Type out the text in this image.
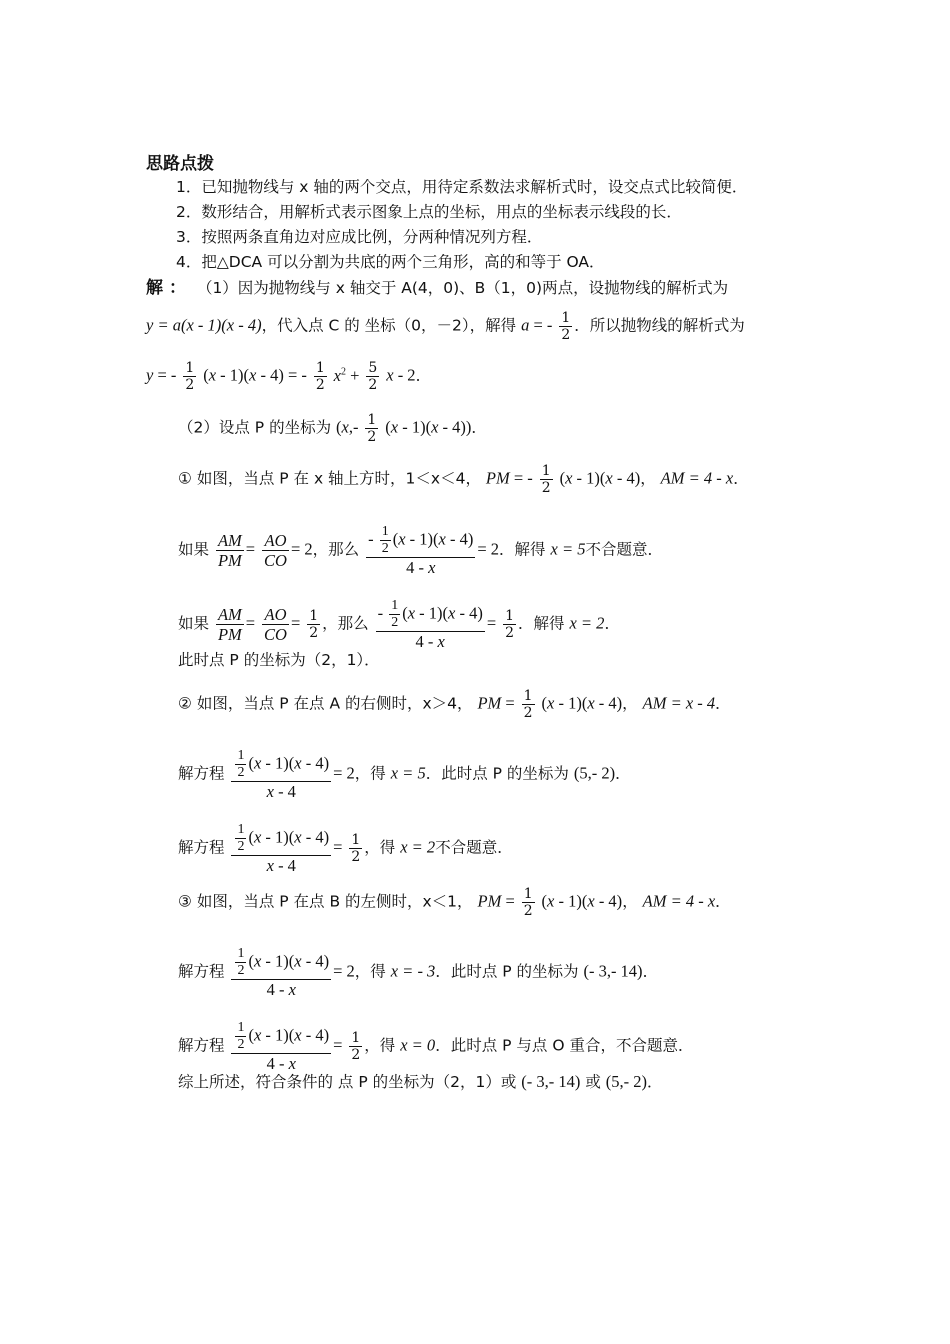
思路点拨
1．已知抛物线与 x 轴的两个交点，用待定系数法求解析式时，设交点式比较简便．
2．数形结合，用解析式表示图象上点的坐标，用点的坐标表示线段的长．
3．按照两条直角边对应成比例，分两种情况列方程．
4．把△DCA 可以分割为共底的两个三角形，高的和等于 OA．
解： （1）因为抛物线与 x 轴交于 A(4，0)、B（1，0)两点，设抛物线的解析式为
y = a(x - 1)(x - 4)，代入点 C 的 坐标（0，－2），解得 a = - $\frac{1}{2}$ ．所以抛物线的解析式为
y = - $\frac{1}{2} (x - 1)(x - 4)$ = - $\frac{1}{2} x^2 + \frac{5}{2}$ x - 2．
（2）设点 P 的坐标为 $(x,- \frac{1}{2} (x - 1)(x - 4))$．
① 如图，当点 P 在 x 轴上方时，1＜x＜4， PM = - $\frac{1}{2} (x - 1)(x - 4)$， AM = 4 - x．
如果 $\frac{AM}{PM} = \frac{AO}{CO} = 2$，那么 $\frac{- \frac{1}{2} (x - 1)(x - 4)}{4 - x} = 2$．解得 x = 5不合题意．
如果 $\frac{AM}{PM} = \frac{AO}{CO} = \frac{1}{2}$ ，那么 $\frac{- \frac{1}{2} (x - 1)(x - 4)}{4 - x} = \frac{1}{2}$ ．解得 x = 2．
此时点 P 的坐标为（2，1）．
② 如图，当点 P 在点 A 的右侧时，x＞4， PM = $\frac{1}{2} (x - 1)(x - 4)$， AM = x - 4．
解方程 $\frac{\frac{1}{2} (x - 1)(x - 4)}{x - 4} = 2$，得 x = 5．此时点 P 的坐标为 (5,- 2)．
解方程 $\frac{\frac{1}{2} (x - 1)(x - 4)}{x - 4} = \frac{1}{2}$ ，得 x = 2不合题意．
③ 如图，当点 P 在点 B 的左侧时，x＜1， PM = $\frac{1}{2} (x - 1)(x - 4)$， AM = 4 - x．
解方程 $\frac{\frac{1}{2} (x - 1)(x - 4)}{4 - x} = 2$，得 x = - 3．此时点 P 的坐标为 (- 3,- 14)．
解方程 $\frac{\frac{1}{2} (x - 1)(x - 4)}{4 - x} = \frac{1}{2}$ ，得 x = 0．此时点 P 与点 O 重合，不合题意．
综上所述，符合条件的 点 P 的坐标为（2，1）或 (- 3,- 14) 或 (5,- 2)．
